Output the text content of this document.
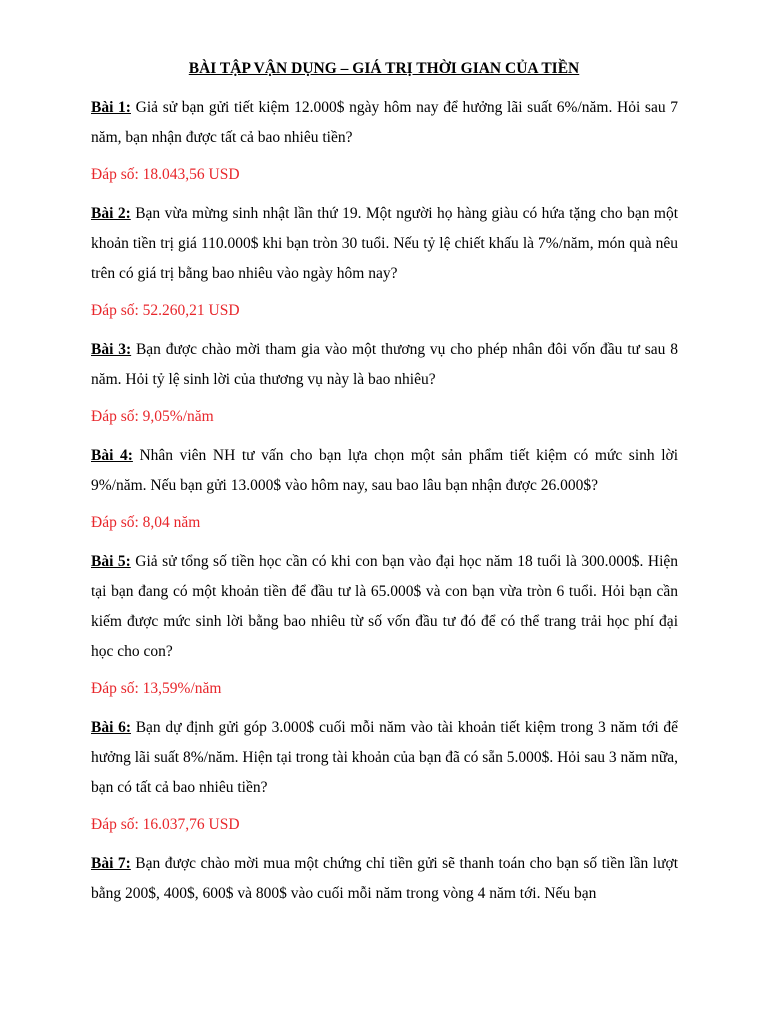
BÀI TẬP VẬN DỤNG – GIÁ TRỊ THỜI GIAN CỦA TIỀN

Bài 1: Giả sử bạn gửi tiết kiệm 12.000$ ngày hôm nay để hưởng lãi suất 6%/năm. Hỏi sau 7 năm, bạn nhận được tất cả bao nhiêu tiền?

Đáp số: 18.043,56 USD

Bài 2: Bạn vừa mừng sinh nhật lần thứ 19. Một người họ hàng giàu có hứa tặng cho bạn một khoản tiền trị giá 110.000$ khi bạn tròn 30 tuổi. Nếu tỷ lệ chiết khấu là 7%/năm, món quà nêu trên có giá trị bằng bao nhiêu vào ngày hôm nay?

Đáp số: 52.260,21 USD

Bài 3: Bạn được chào mời tham gia vào một thương vụ cho phép nhân đôi vốn đầu tư sau 8 năm. Hỏi tỷ lệ sinh lời của thương vụ này là bao nhiêu?

Đáp số: 9,05%/năm

Bài 4: Nhân viên NH tư vấn cho bạn lựa chọn một sản phẩm tiết kiệm có mức sinh lời 9%/năm. Nếu bạn gửi 13.000$ vào hôm nay, sau bao lâu bạn nhận được 26.000$?

Đáp số: 8,04 năm

Bài 5: Giả sử tổng số tiền học cần có khi con bạn vào đại học năm 18 tuổi là 300.000$. Hiện tại bạn đang có một khoản tiền để đầu tư là 65.000$ và con bạn vừa tròn 6 tuổi. Hỏi bạn cần kiếm được mức sinh lời bằng bao nhiêu từ số vốn đầu tư đó để có thể trang trải học phí đại học cho con?

Đáp số: 13,59%/năm

Bài 6: Bạn dự định gửi góp 3.000$ cuối mỗi năm vào tài khoản tiết kiệm trong 3 năm tới để hưởng lãi suất 8%/năm. Hiện tại trong tài khoản của bạn đã có sẵn 5.000$. Hỏi sau 3 năm nữa, bạn có tất cả bao nhiêu tiền?

Đáp số: 16.037,76 USD

Bài 7: Bạn được chào mời mua một chứng chỉ tiền gửi sẽ thanh toán cho bạn số tiền lần lượt bằng 200$, 400$, 600$ và 800$ vào cuối mỗi năm trong vòng 4 năm tới. Nếu bạn
